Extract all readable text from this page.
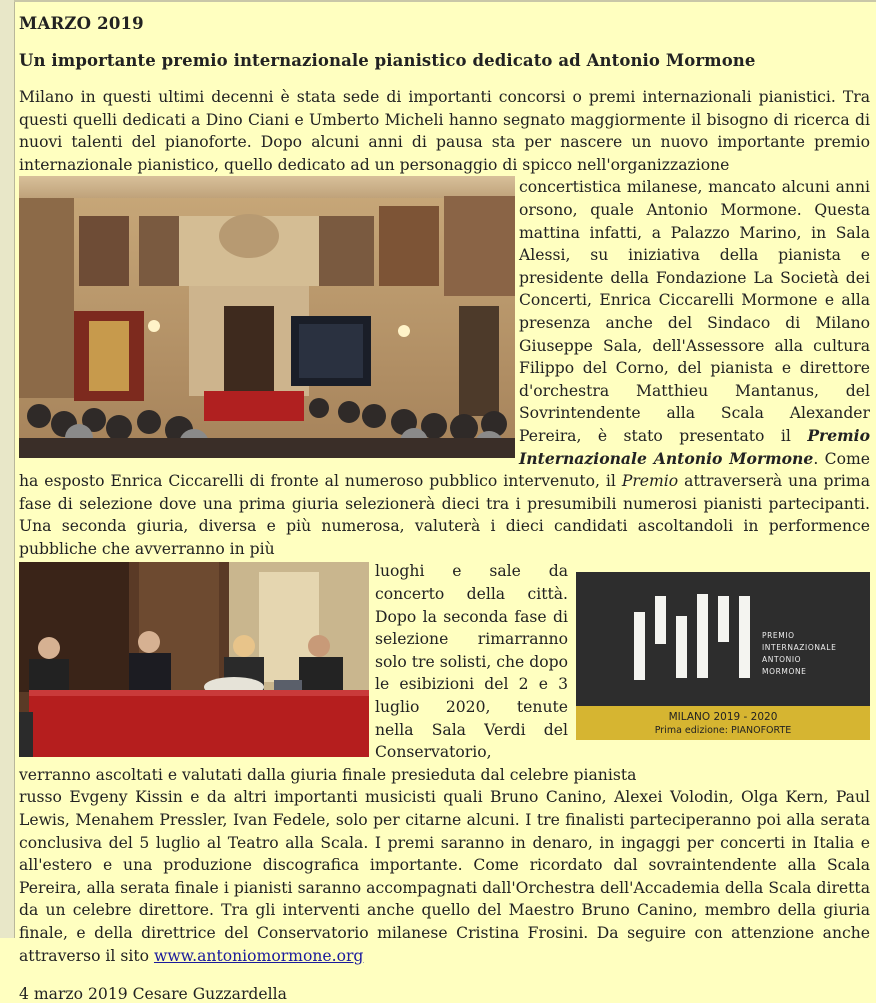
MARZO 2019
Un importante premio internazionale pianistico dedicato ad Antonio Mormone

Milano in questi ultimi decenni è stata sede di importanti concorsi o premi internazionali pianistici. Tra questi quelli dedicati a Dino Ciani e Umberto Micheli hanno segnato maggiormente il bisogno di ricerca di nuovi talenti del pianoforte. Dopo alcuni anni di pausa sta per nascere un nuovo importante premio internazionale pianistico, quello dedicato ad un personaggio di spicco nell'organizzazione

concertistica milanese, mancato alcuni anni orsono, quale Antonio Mormone. Questa mattina infatti, a Palazzo Marino, in Sala Alessi, su iniziativa della pianista e presidente della Fondazione La Società dei Concerti, Enrica Ciccarelli Mormone e alla presenza anche del Sindaco di Milano Giuseppe Sala, dell'Assessore alla cultura Filippo del Corno, del pianista e direttore d'orchestra Matthieu Mantanus, del Sovrintendente alla Scala Alexander Pereira, è stato presentato il Premio Internazionale Antonio Mormone. Come ha esposto Enrica Ciccarelli di fronte al numeroso pubblico intervenuto, il Premio attraverserà una prima fase di selezione dove una prima giuria selezionerà dieci tra i presumibili numerosi pianisti partecipanti. Una seconda giuria, diversa e più numerosa, valuterà i dieci candidati ascoltandoli in performence pubbliche che avverranno in più

PREMIO
INTERNAZIONALE
ANTONIO
MORMONE
MILANO 2019 - 2020
Prima edizione: PIANOFORTE

luoghi e sale da concerto della città. Dopo la seconda fase di selezione rimarranno solo tre solisti, che dopo le esibizioni del 2 e 3 luglio 2020, tenute nella Sala Verdi del Conservatorio, verranno ascoltati e valutati dalla giuria finale presieduta dal celebre pianista

russo Evgeny Kissin e da altri importanti musicisti quali Bruno Canino, Alexei Volodin, Olga Kern, Paul Lewis, Menahem Pressler, Ivan Fedele, solo per citarne alcuni. I tre finalisti parteciperanno poi alla serata conclusiva del 5 luglio al Teatro alla Scala. I premi saranno in denaro, in ingaggi per concerti in Italia e all'estero e una produzione discografica importante. Come ricordato dal sovraintendente alla Scala Pereira, alla serata finale i pianisti saranno accompagnati dall'Orchestra dell'Accademia della Scala diretta da un celebre direttore. Tra gli interventi anche quello del Maestro Bruno Canino, membro della giuria finale, e della direttrice del Conservatorio milanese Cristina Frosini. Da seguire con attenzione anche attraverso il sito www.antoniomormone.org

4 marzo 2019 Cesare Guzzardella
